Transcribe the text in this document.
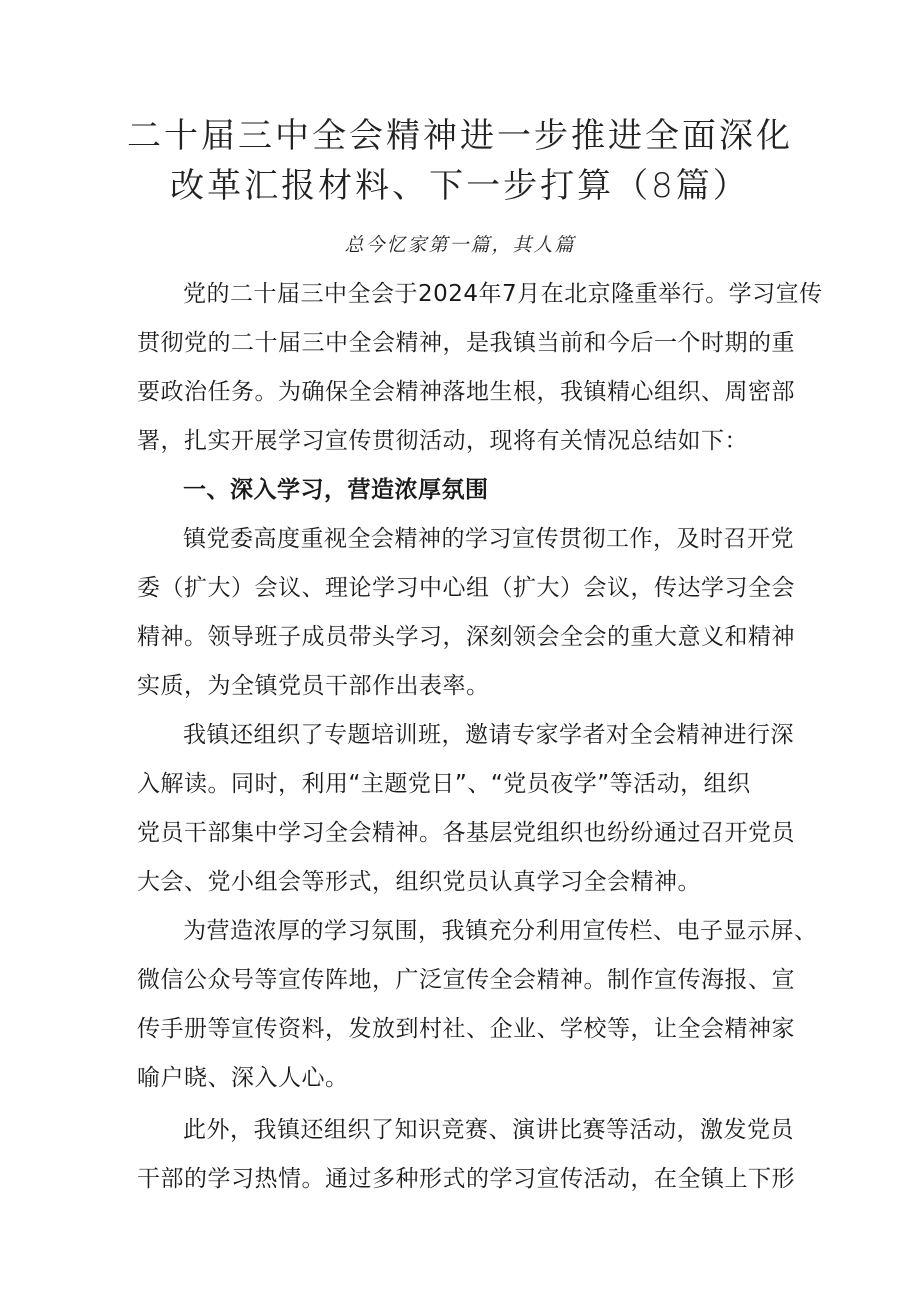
二十届三中全会精神进一步推进全面深化
改革汇报材料、下一步打算（8篇）
总今忆家第一篇，其人篇
党的二十届三中全会于2024年7月在北京隆重举行。学习宣传
贯彻党的二十届三中全会精神，是我镇当前和今后一个时期的重
要政治任务。为确保全会精神落地生根，我镇精心组织、周密部
署，扎实开展学习宣传贯彻活动，现将有关情况总结如下：
一、深入学习，营造浓厚氛围
镇党委高度重视全会精神的学习宣传贯彻工作，及时召开党
委（扩大）会议、理论学习中心组（扩大）会议，传达学习全会
精神。领导班子成员带头学习，深刻领会全会的重大意义和精神
实质，为全镇党员干部作出表率。
我镇还组织了专题培训班，邀请专家学者对全会精神进行深
入解读。同时，利用“主题党日”、“党员夜学”等活动，组织
党员干部集中学习全会精神。各基层党组织也纷纷通过召开党员
大会、党小组会等形式，组织党员认真学习全会精神。
为营造浓厚的学习氛围，我镇充分利用宣传栏、电子显示屏、
微信公众号等宣传阵地，广泛宣传全会精神。制作宣传海报、宣
传手册等宣传资料，发放到村社、企业、学校等，让全会精神家
喻户晓、深入人心。
此外，我镇还组织了知识竞赛、演讲比赛等活动，激发党员
干部的学习热情。通过多种形式的学习宣传活动，在全镇上下形
